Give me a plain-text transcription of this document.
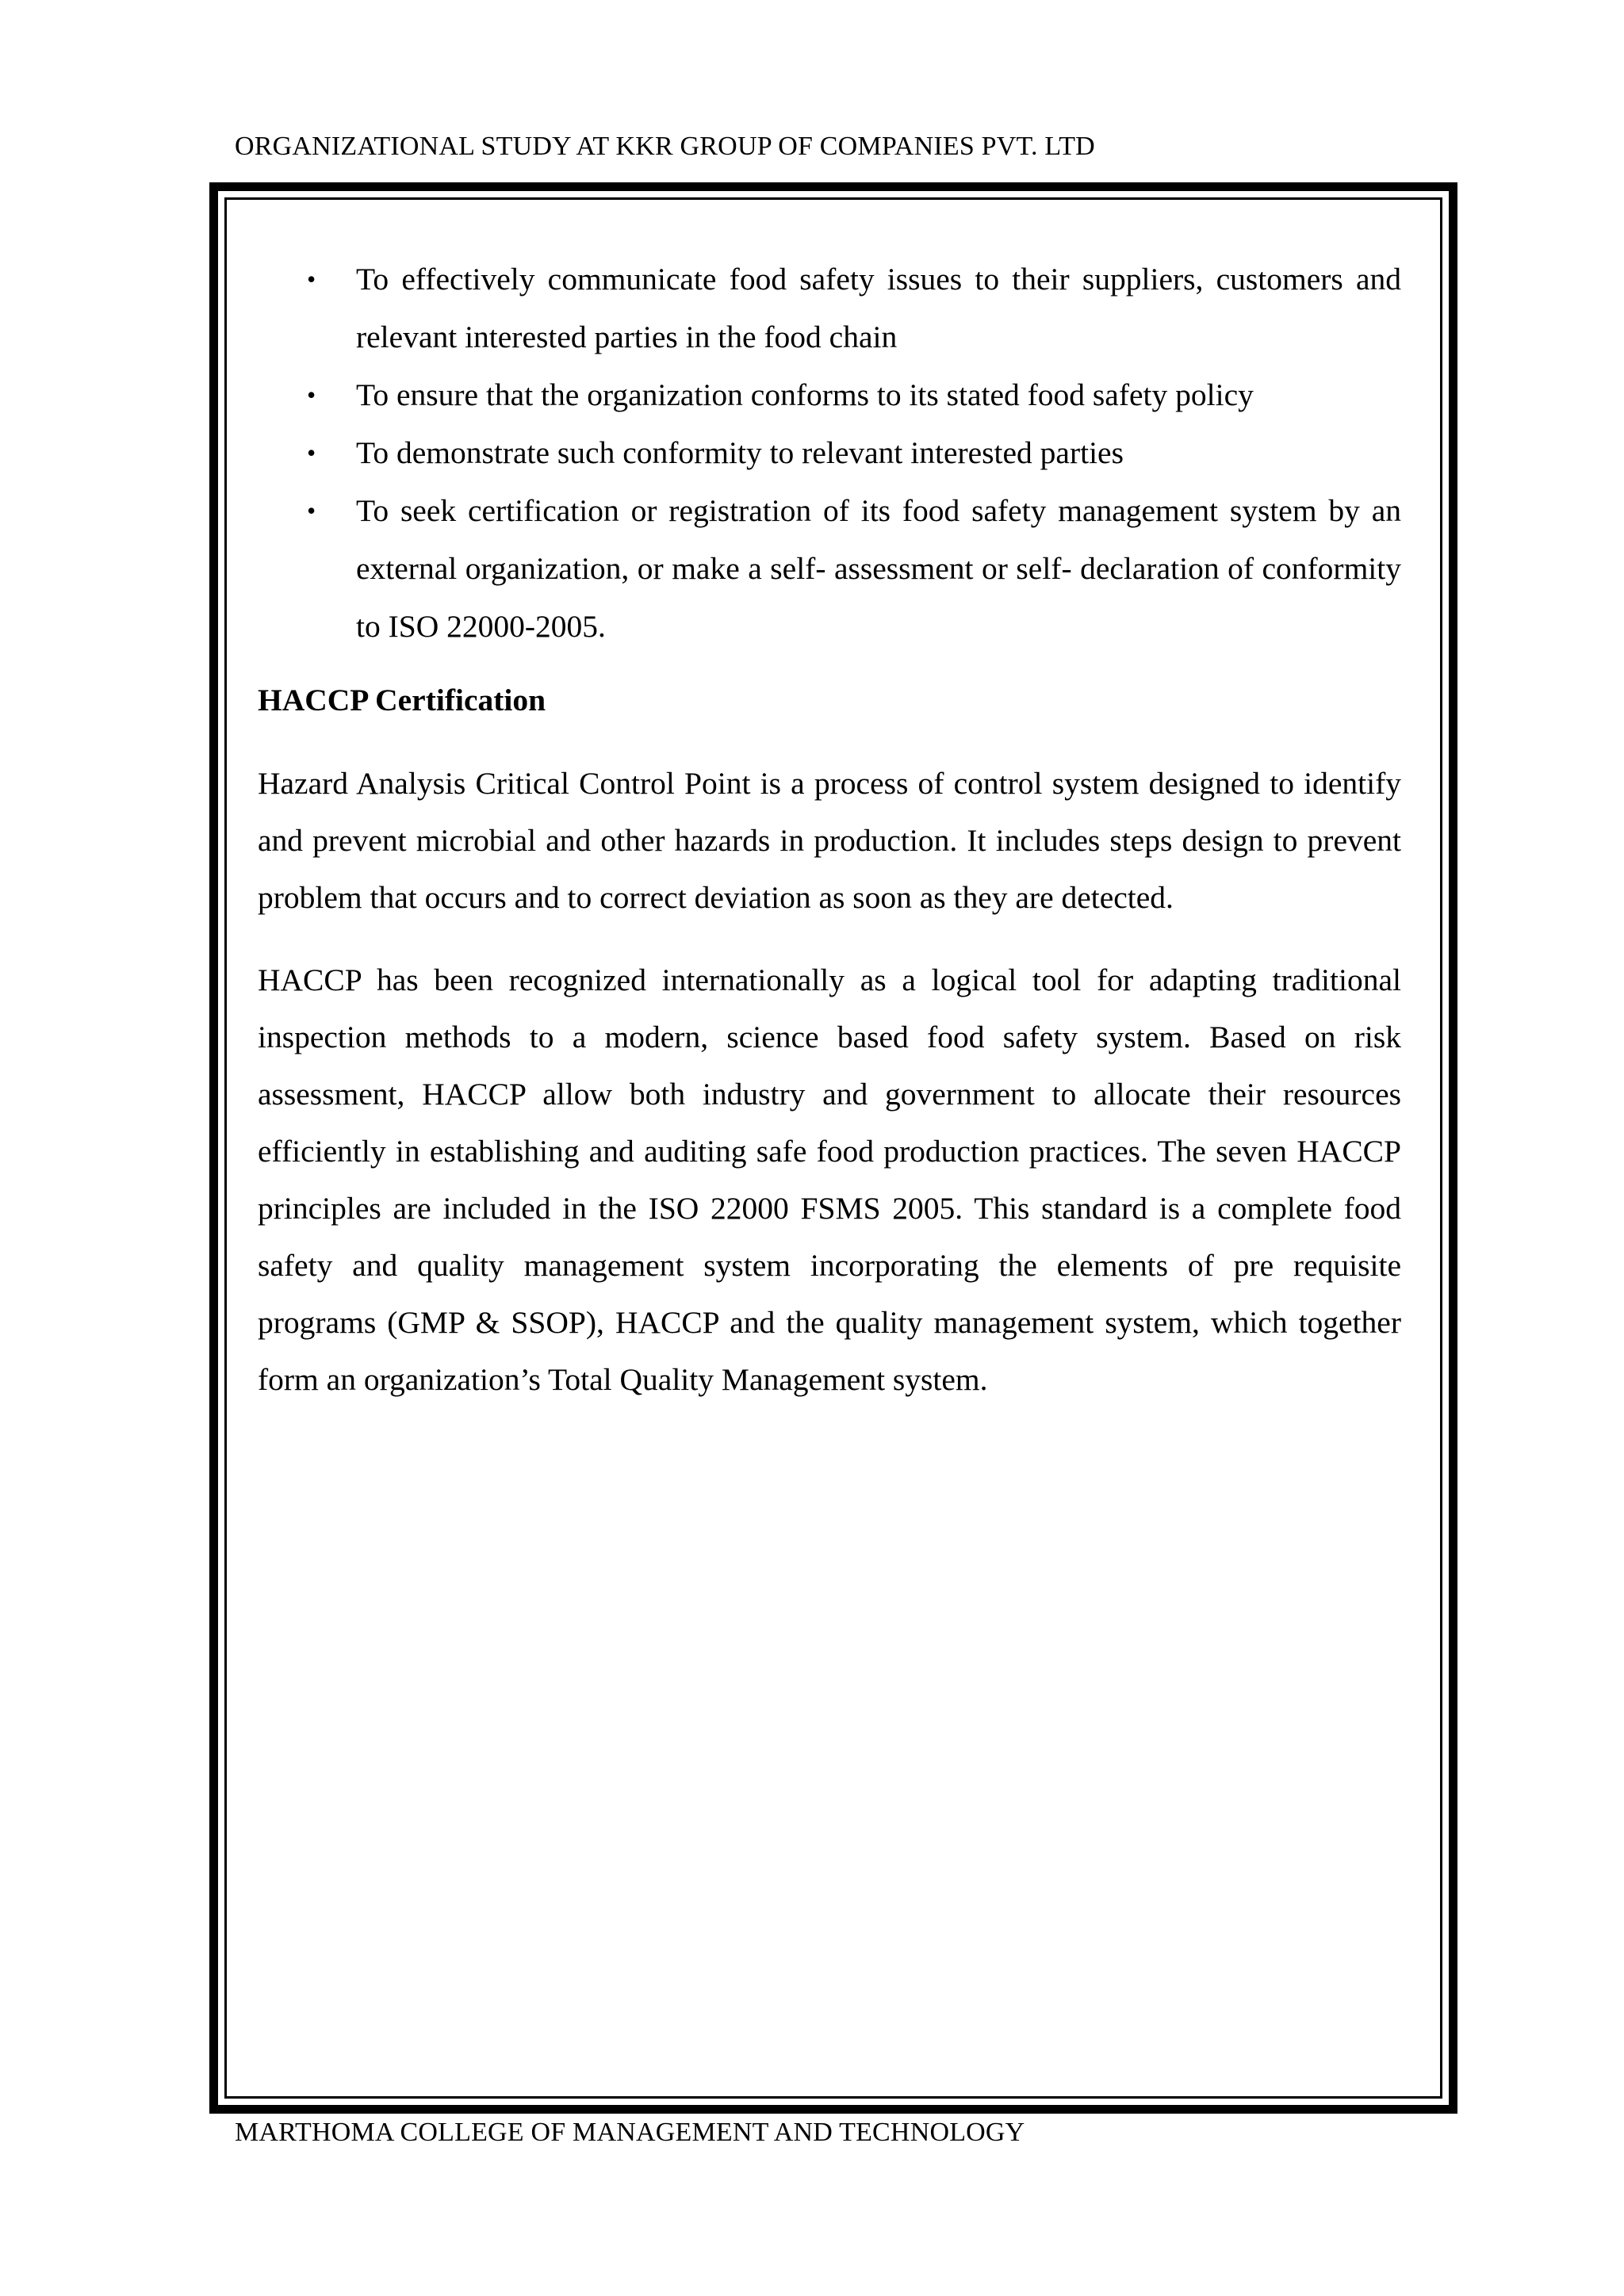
ORGANIZATIONAL STUDY AT KKR GROUP OF COMPANIES PVT. LTD
• To effectively communicate food safety issues to their suppliers, customers and relevant interested parties in the food chain
• To ensure that the organization conforms to its stated food safety policy
• To demonstrate such conformity to relevant interested parties
• To seek certification or registration of its food safety management system by an external organization, or make a self- assessment or self- declaration of conformity to ISO 22000-2005.
HACCP Certification

Hazard Analysis Critical Control Point is a process of control system designed to identify and prevent microbial and other hazards in production. It includes steps design to prevent problem that occurs and to correct deviation as soon as they are detected.

HACCP has been recognized internationally as a logical tool for adapting traditional inspection methods to a modern, science based food safety system. Based on risk assessment, HACCP allow both industry and government to allocate their resources efficiently in establishing and auditing safe food production practices. The seven HACCP principles are included in the ISO 22000 FSMS 2005. This standard is a complete food safety and quality management system incorporating the elements of pre requisite programs (GMP & SSOP), HACCP and the quality management system, which together form an organization’s Total Quality Management system.

MARTHOMA COLLEGE OF MANAGEMENT AND TECHNOLOGY
